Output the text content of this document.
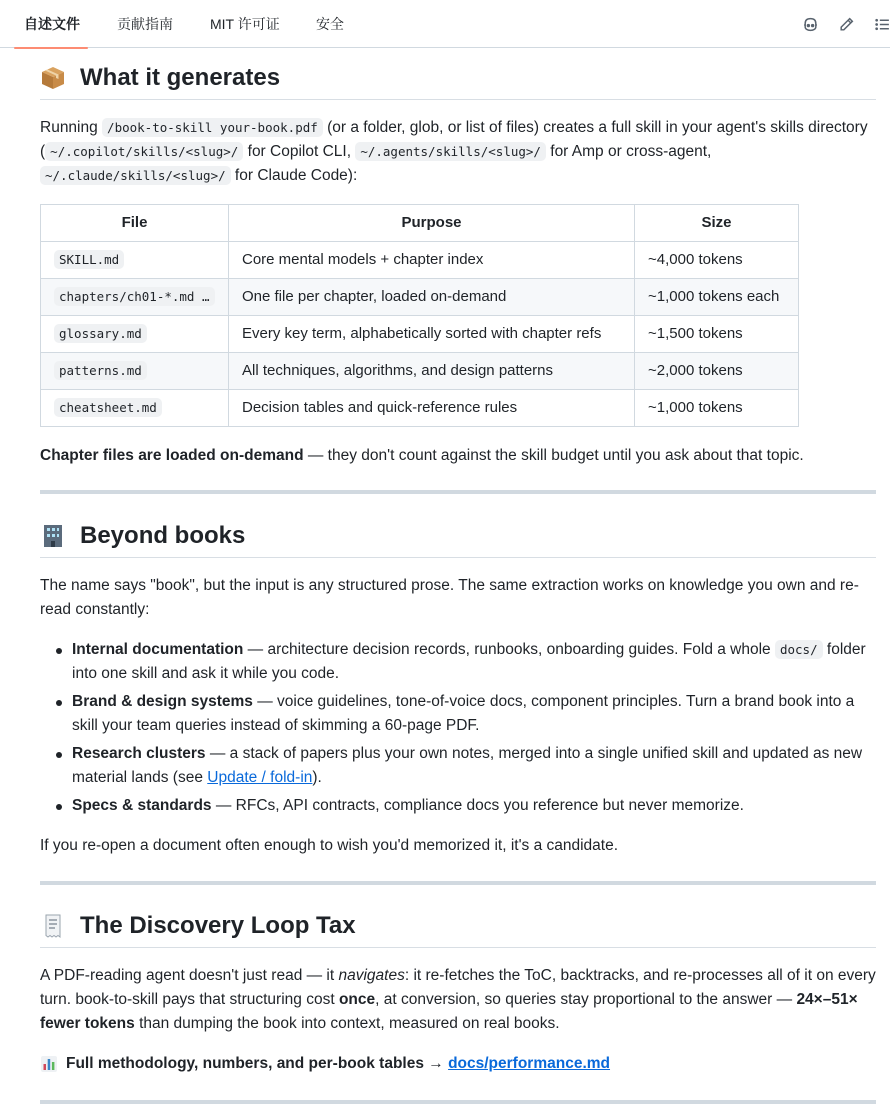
自述文件	贡献指南	MIT 许可证	安全
What it generates

Running /book-to-skill your-book.pdf (or a folder, glob, or list of files) creates a full skill in your agent's skills directory ( ~/.copilot/skills/<slug>/ for Copilot CLI, ~/.agents/skills/<slug>/ for Amp or cross-agent, ~/.claude/skills/<slug>/ for Claude Code):

File	Purpose	Size
SKILL.md	Core mental models + chapter index	~4,000 tokens
chapters/ch01-*.md …	One file per chapter, loaded on-demand	~1,000 tokens each
glossary.md	Every key term, alphabetically sorted with chapter refs	~1,500 tokens
patterns.md	All techniques, algorithms, and design patterns	~2,000 tokens
cheatsheet.md	Decision tables and quick-reference rules	~1,000 tokens

Chapter files are loaded on-demand — they don't count against the skill budget until you ask about that topic.

Beyond books

The name says "book", but the input is any structured prose. The same extraction works on knowledge you own and re-read constantly:

Internal documentation — architecture decision records, runbooks, onboarding guides. Fold a whole docs/ folder into one skill and ask it while you code.
Brand & design systems — voice guidelines, tone-of-voice docs, component principles. Turn a brand book into a skill your team queries instead of skimming a 60-page PDF.
Research clusters — a stack of papers plus your own notes, merged into a single unified skill and updated as new material lands (see Update / fold-in).
Specs & standards — RFCs, API contracts, compliance docs you reference but never memorize.

If you re-open a document often enough to wish you'd memorized it, it's a candidate.

The Discovery Loop Tax

A PDF-reading agent doesn't just read — it navigates: it re-fetches the ToC, backtracks, and re-processes all of it on every turn. book-to-skill pays that structuring cost once, at conversion, so queries stay proportional to the answer — 24×–51× fewer tokens than dumping the book into context, measured on real books.

Full methodology, numbers, and per-book tables → docs/performance.md
